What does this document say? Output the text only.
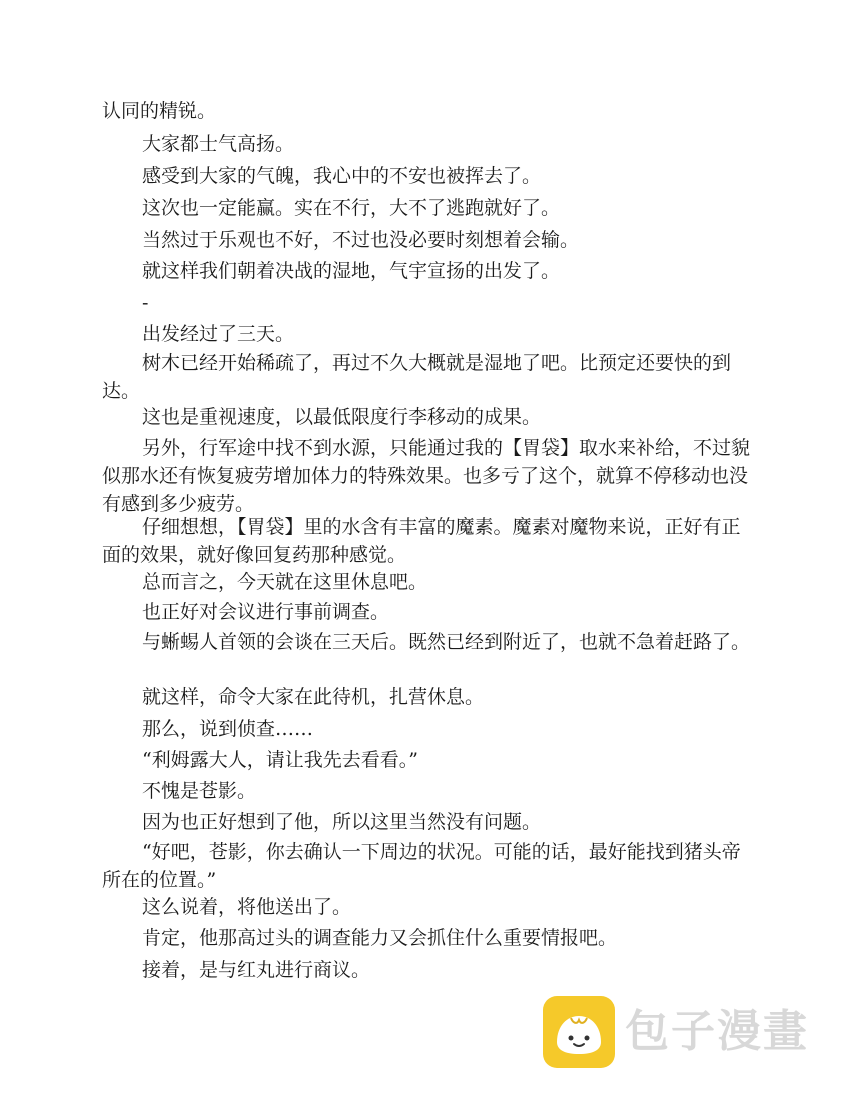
认同的精锐。

大家都士气高扬。

感受到大家的气魄，我心中的不安也被挥去了。

这次也一定能赢。实在不行，大不了逃跑就好了。

当然过于乐观也不好，不过也没必要时刻想着会输。

就这样我们朝着决战的湿地，气宇宣扬的出发了。

-

出发经过了三天。

树木已经开始稀疏了，再过不久大概就是湿地了吧。比预定还要快的到达。

这也是重视速度，以最低限度行李移动的成果。

另外，行军途中找不到水源，只能通过我的【胃袋】取水来补给，不过貌似那水还有恢复疲劳增加体力的特殊效果。也多亏了这个，就算不停移动也没有感到多少疲劳。

仔细想想，【胃袋】里的水含有丰富的魔素。魔素对魔物来说，正好有正面的效果，就好像回复药那种感觉。

总而言之，今天就在这里休息吧。

也正好对会议进行事前调查。

与蜥蜴人首领的会谈在三天后。既然已经到附近了，也就不急着赶路了。

就这样，命令大家在此待机，扎营休息。

那么，说到侦查……

“利姆露大人，请让我先去看看。”

不愧是苍影。

因为也正好想到了他，所以这里当然没有问题。

“好吧，苍影，你去确认一下周边的状况。可能的话，最好能找到猪头帝所在的位置。”

这么说着，将他送出了。

肯定，他那高过头的调查能力又会抓住什么重要情报吧。

接着，是与红丸进行商议。

包子漫畫
